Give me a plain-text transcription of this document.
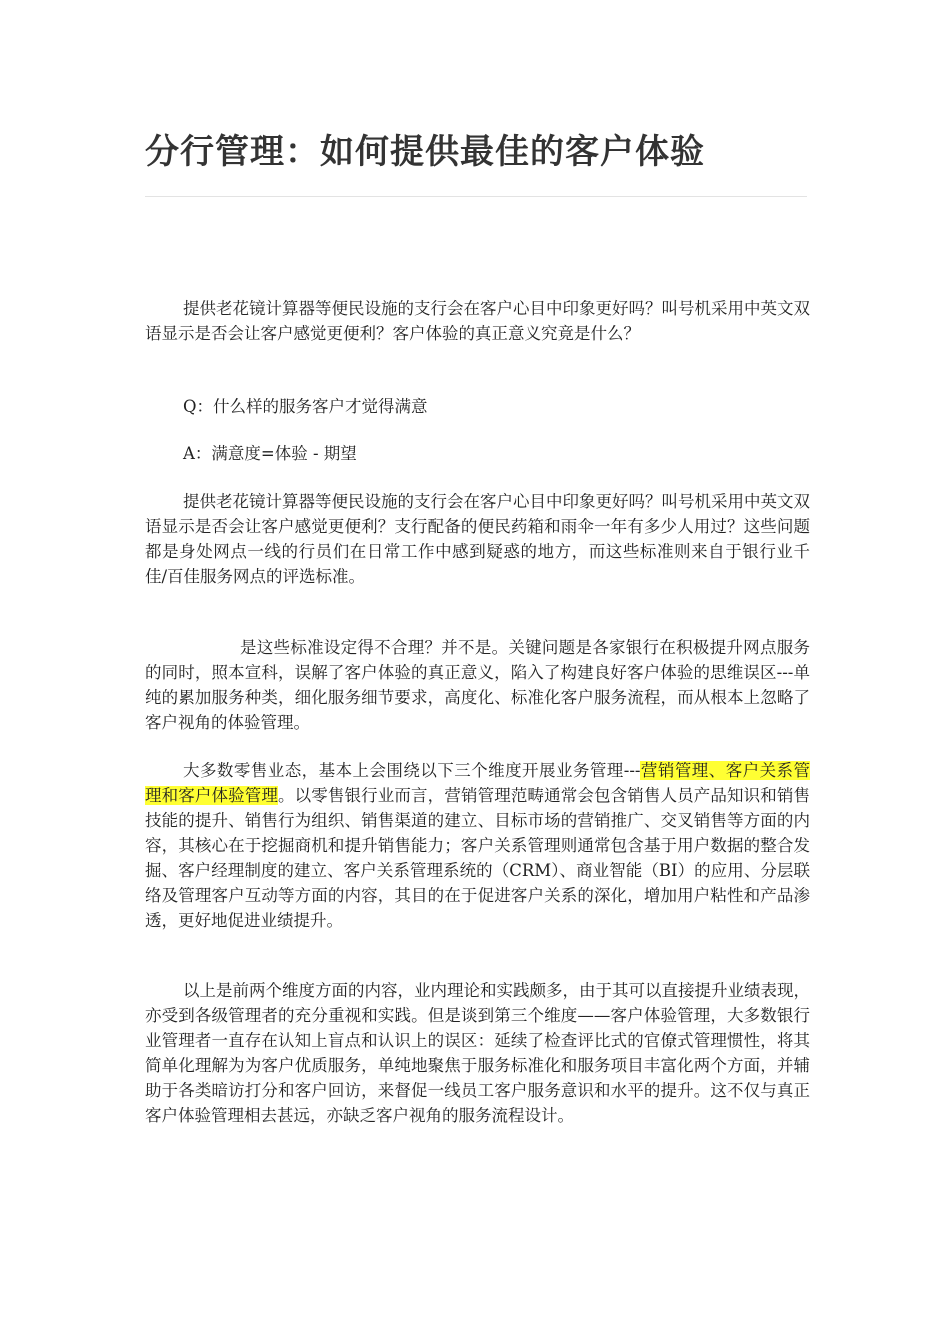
分行管理：如何提供最佳的客户体验

提供老花镜计算器等便民设施的支行会在客户心目中印象更好吗？叫号机采用中英文双语显示是否会让客户感觉更便利？客户体验的真正意义究竟是什么？

Q：什么样的服务客户才觉得满意

A：满意度=体验 - 期望

提供老花镜计算器等便民设施的支行会在客户心目中印象更好吗？叫号机采用中英文双语显示是否会让客户感觉更便利？支行配备的便民药箱和雨伞一年有多少人用过？这些问题都是身处网点一线的行员们在日常工作中感到疑惑的地方，而这些标准则来自于银行业千佳/百佳服务网点的评选标准。

是这些标准设定得不合理？并不是。关键问题是各家银行在积极提升网点服务的同时，照本宣科，误解了客户体验的真正意义，陷入了构建良好客户体验的思维误区---单纯的累加服务种类，细化服务细节要求，高度化、标准化客户服务流程，而从根本上忽略了客户视角的体验管理。

大多数零售业态，基本上会围绕以下三个维度开展业务管理---营销管理、客户关系管理和客户体验管理。以零售银行业而言，营销管理范畴通常会包含销售人员产品知识和销售技能的提升、销售行为组织、销售渠道的建立、目标市场的营销推广、交叉销售等方面的内容，其核心在于挖掘商机和提升销售能力；客户关系管理则通常包含基于用户数据的整合发掘、客户经理制度的建立、客户关系管理系统的（CRM）、商业智能（BI）的应用、分层联络及管理客户互动等方面的内容，其目的在于促进客户关系的深化，增加用户粘性和产品渗透，更好地促进业绩提升。

以上是前两个维度方面的内容，业内理论和实践颇多，由于其可以直接提升业绩表现，亦受到各级管理者的充分重视和实践。但是谈到第三个维度——客户体验管理，大多数银行业管理者一直存在认知上盲点和认识上的误区：延续了检查评比式的官僚式管理惯性，将其简单化理解为为客户优质服务，单纯地聚焦于服务标准化和服务项目丰富化两个方面，并辅助于各类暗访打分和客户回访，来督促一线员工客户服务意识和水平的提升。这不仅与真正客户体验管理相去甚远，亦缺乏客户视角的服务流程设计。
